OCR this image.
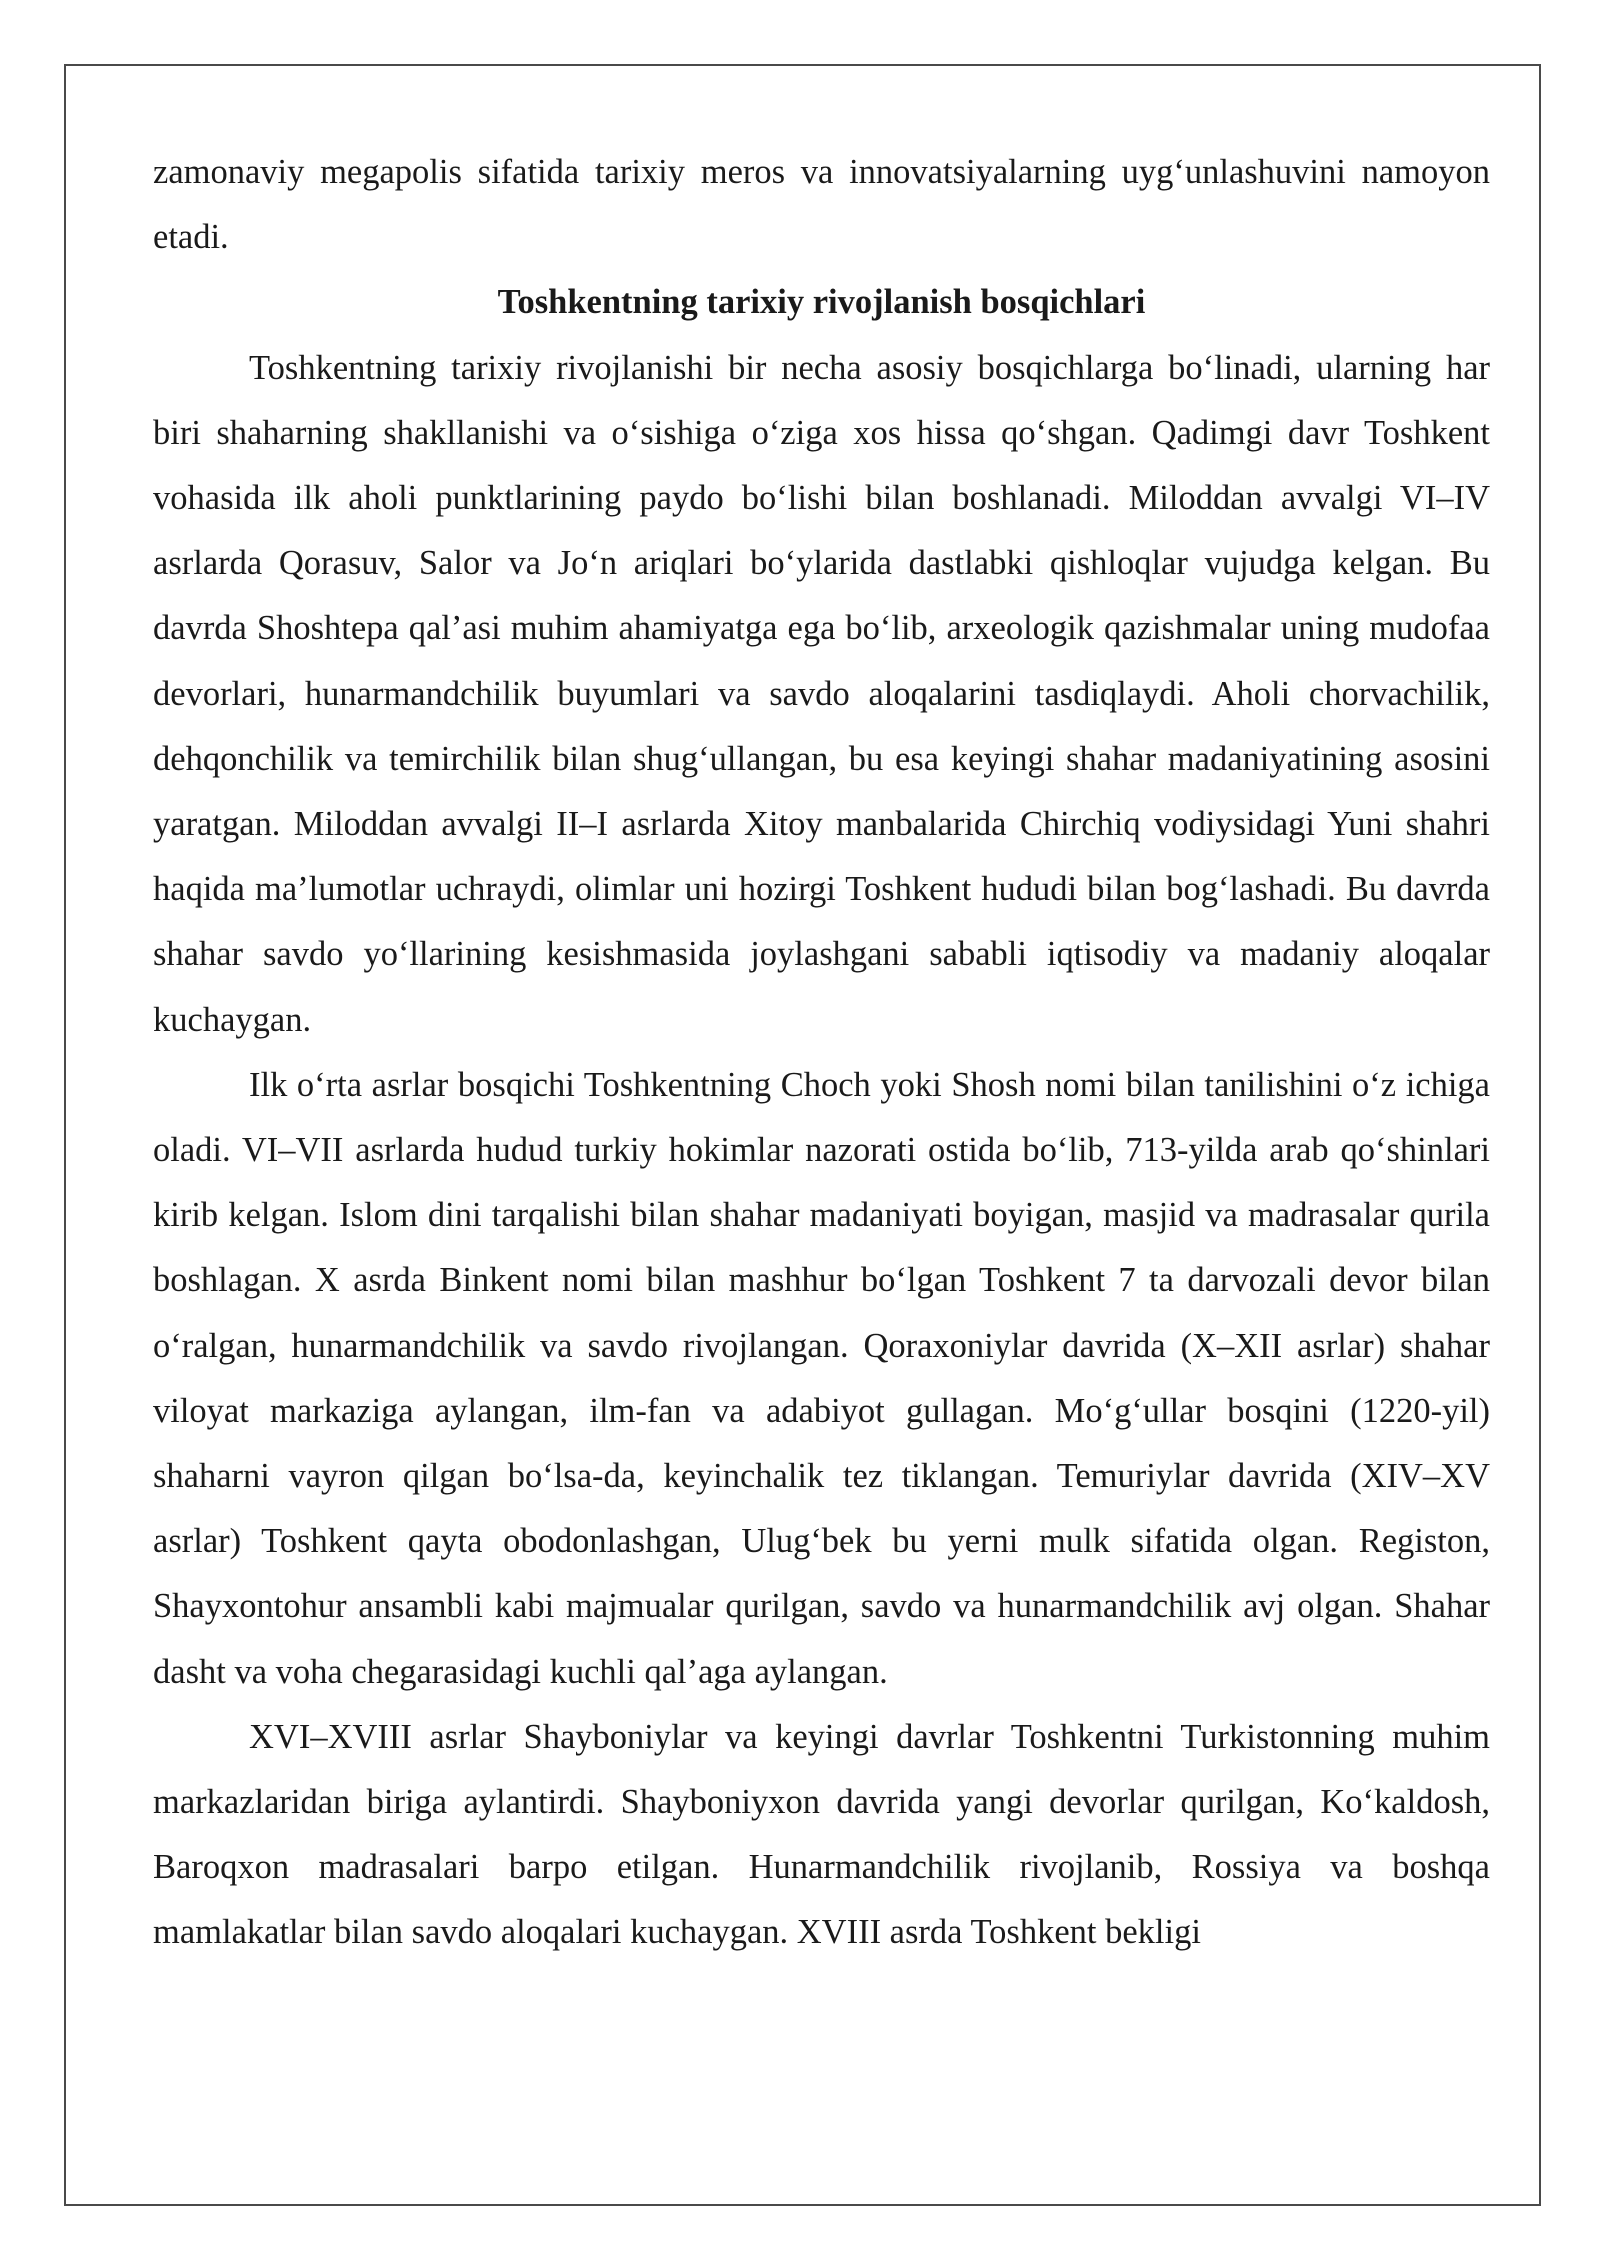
zamonaviy megapolis sifatida tarixiy meros va innovatsiyalarning uyg‘unlashuvini namoyon etadi.

Toshkentning tarixiy rivojlanish bosqichlari

Toshkentning tarixiy rivojlanishi bir necha asosiy bosqichlarga bo‘linadi, ularning har biri shaharning shakllanishi va o‘sishiga o‘ziga xos hissa qo‘shgan. Qadimgi davr Toshkent vohasida ilk aholi punktlarining paydo bo‘lishi bilan boshlanadi. Miloddan avvalgi VI–IV asrlarda Qorasuv, Salor va Jo‘n ariqlari bo‘ylarida dastlabki qishloqlar vujudga kelgan. Bu davrda Shoshtepa qal’asi muhim ahamiyatga ega bo‘lib, arxeologik qazishmalar uning mudofaa devorlari, hunarmandchilik buyumlari va savdo aloqalarini tasdiqlaydi. Aholi chorvachilik, dehqonchilik va temirchilik bilan shug‘ullangan, bu esa keyingi shahar madaniyatining asosini yaratgan. Miloddan avvalgi II–I asrlarda Xitoy manbalarida Chirchiq vodiysidagi Yuni shahri haqida ma’lumotlar uchraydi, olimlar uni hozirgi Toshkent hududi bilan bog‘lashadi. Bu davrda shahar savdo yo‘llarining kesishmasida joylashgani sababli iqtisodiy va madaniy aloqalar kuchaygan.

Ilk o‘rta asrlar bosqichi Toshkentning Choch yoki Shosh nomi bilan tanilishini o‘z ichiga oladi. VI–VII asrlarda hudud turkiy hokimlar nazorati ostida bo‘lib, 713-yilda arab qo‘shinlari kirib kelgan. Islom dini tarqalishi bilan shahar madaniyati boyigan, masjid va madrasalar qurila boshlagan. X asrda Binkent nomi bilan mashhur bo‘lgan Toshkent 7 ta darvozali devor bilan o‘ralgan, hunarmandchilik va savdo rivojlangan. Qoraxoniylar davrida (X–XII asrlar) shahar viloyat markaziga aylangan, ilm-fan va adabiyot gullagan. Mo‘g‘ullar bosqini (1220-yil) shaharni vayron qilgan bo‘lsa-da, keyinchalik tez tiklangan. Temuriylar davrida (XIV–XV asrlar) Toshkent qayta obodonlashgan, Ulug‘bek bu yerni mulk sifatida olgan. Registon, Shayxontohur ansambli kabi majmualar qurilgan, savdo va hunarmandchilik avj olgan. Shahar dasht va voha chegarasidagi kuchli qal’aga aylangan.

XVI–XVIII asrlar Shayboniylar va keyingi davrlar Toshkentni Turkistonning muhim markazlaridan biriga aylantirdi. Shayboniyxon davrida yangi devorlar qurilgan, Ko‘kaldosh, Baroqxon madrasalari barpo etilgan. Hunarmandchilik rivojlanib, Rossiya va boshqa mamlakatlar bilan savdo aloqalari kuchaygan. XVIII asrda Toshkent bekligi
